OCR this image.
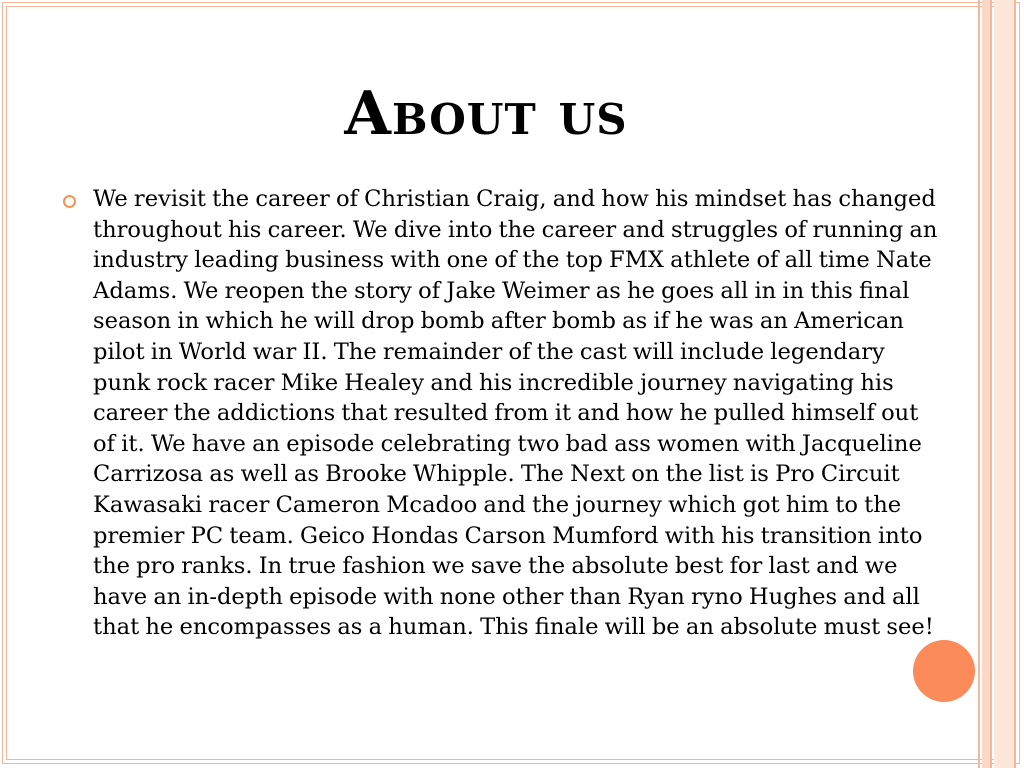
About us
We revisit the career of Christian Craig, and how his mindset has changed throughout his career. We dive into the career and struggles of running an industry leading business with one of the top FMX athlete of all time Nate Adams. We reopen the story of Jake Weimer as he goes all in in this final season in which he will drop bomb after bomb as if he was an American pilot in World war II. The remainder of the cast will include legendary punk rock racer Mike Healey and his incredible journey navigating his career the addictions that resulted from it and how he pulled himself out of it. We have an episode celebrating two bad ass women with Jacqueline Carrizosa as well as Brooke Whipple. The Next on the list is Pro Circuit Kawasaki racer Cameron Mcadoo and the journey which got him to the premier PC team. Geico Hondas Carson Mumford with his transition into the pro ranks. In true fashion we save the absolute best for last and we have an in-depth episode with none other than Ryan ryno Hughes and all that he encompasses as a human. This finale will be an absolute must see!
